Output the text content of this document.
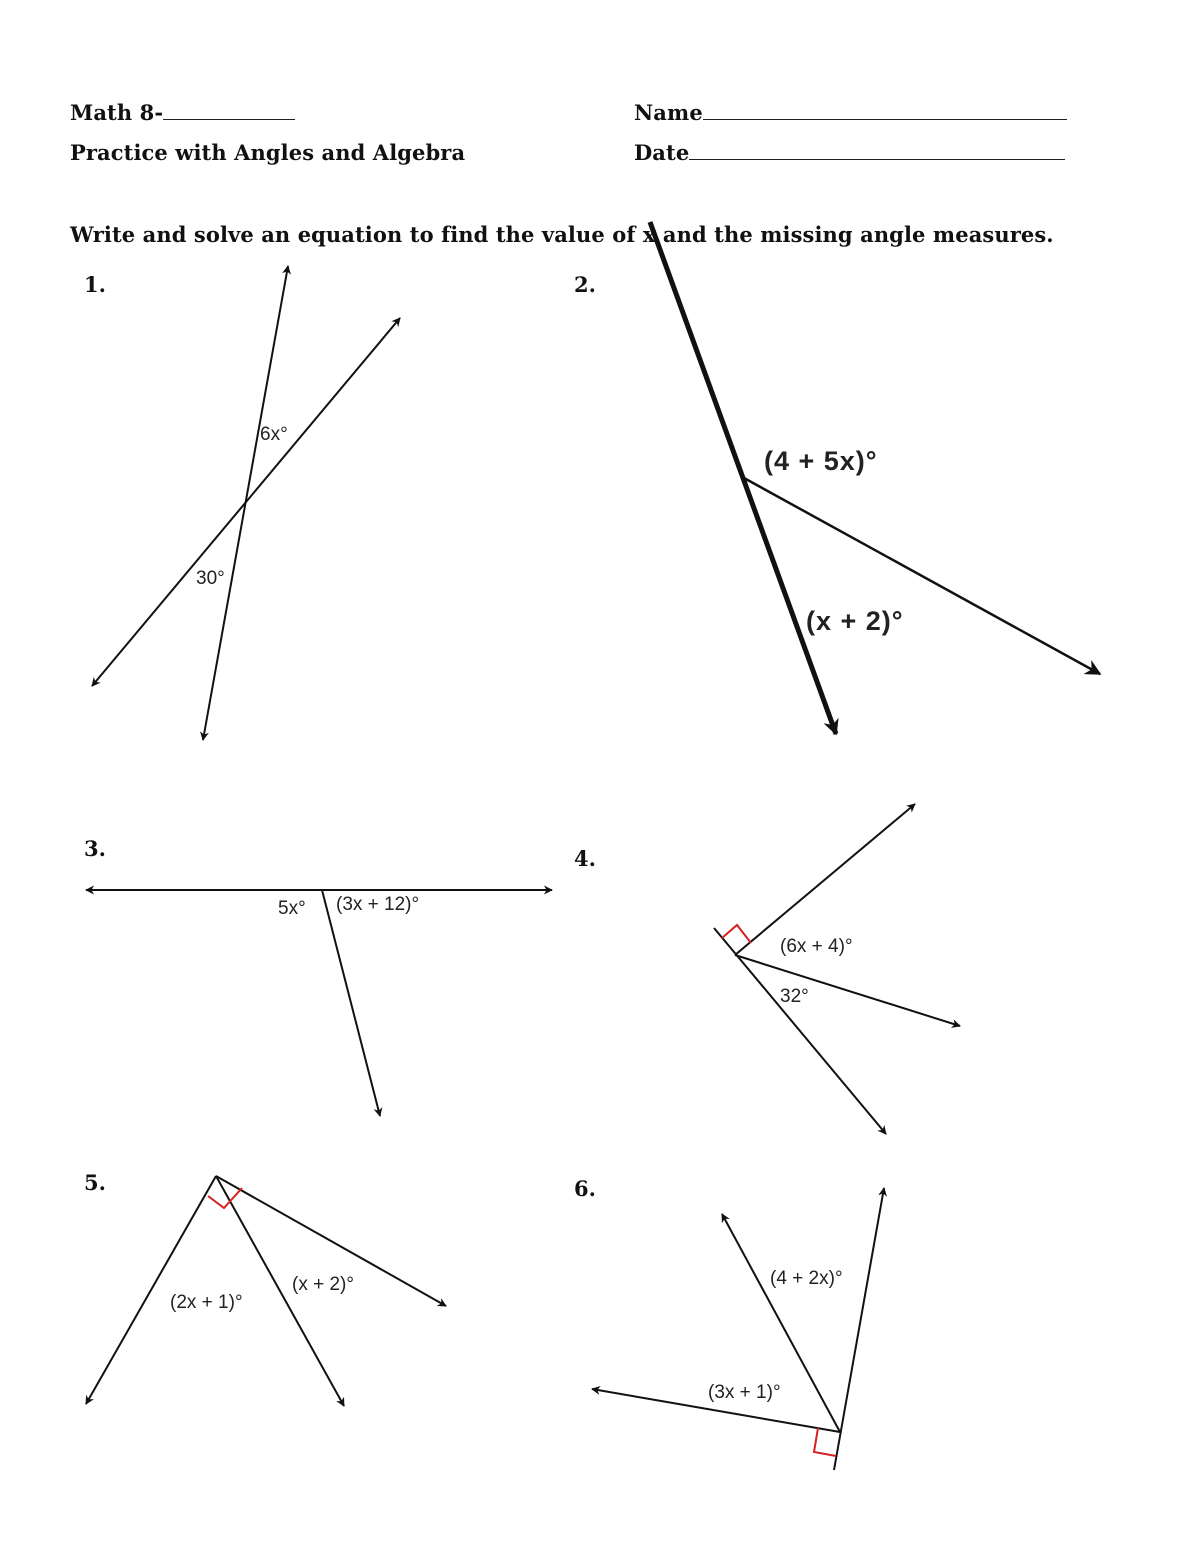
Math 8-	Name
Practice with Angles and Algebra	Date
Write and solve an equation to find the value of x and the missing angle measures.
1.	2.
3.	4.
5.	6.
6x°
30°
(4 + 5x)°
(x + 2)°
5x° (3x + 12)°
(6x + 4)°
32°
(2x + 1)°
(x + 2)°	(4 + 2x)°
(3x + 1)°
